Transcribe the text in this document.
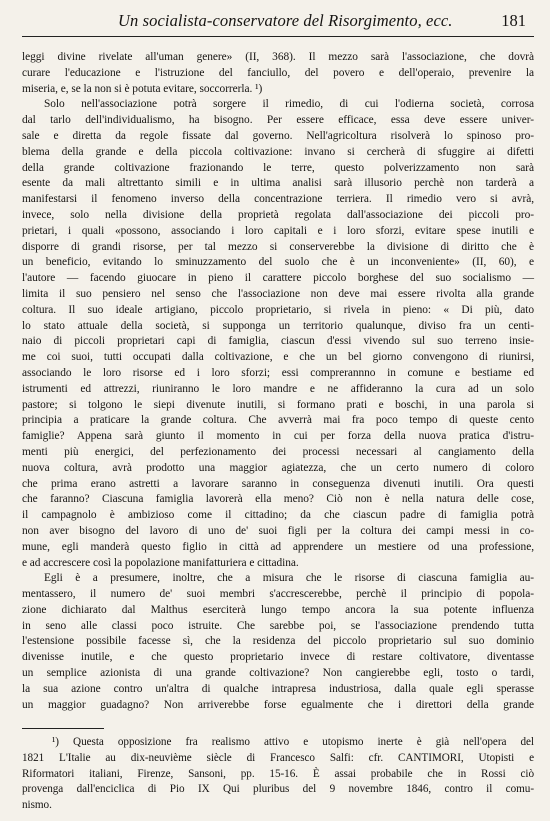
Un socialista-conservatore del Risorgimento, ecc.	181
leggi divine rivelate all'uman genere» (II, 368). Il mezzo sarà l'associazione, che dovrà
curare l'educazione e l'istruzione del fanciullo, del povero e dell'operaio, prevenire la
miseria, e, se la non si è potuta evitare, soccorrerla. ¹)
Solo nell'associazione potrà sorgere il rimedio, di cui l'odierna società, corrosa
dal tarlo dell'individualismo, ha bisogno. Per essere efficace, essa deve essere univer-
sale e diretta da regole fissate dal governo. Nell'agricoltura risolverà lo spinoso pro-
blema della grande e della piccola coltivazione: invano si cercherà di sfuggire ai difetti
della grande coltivazione frazionando le terre, questo polverizzamento non sarà
esente da mali altrettanto simili e in ultima analisi sarà illusorio perchè non tarderà a
manifestarsi il fenomeno inverso della concentrazione terriera. Il rimedio vero si avrà,
invece, solo nella divisione della proprietà regolata dall'associazione dei piccoli pro-
prietari, i quali «possono, associando i loro capitali e i loro sforzi, evitare spese inutili e
disporre di grandi risorse, per tal mezzo si conserverebbe la divisione di diritto che è
un beneficio, evitando lo sminuzzamento del suolo che è un inconveniente» (II, 60), e
l'autore — facendo giuocare in pieno il carattere piccolo borghese del suo socialismo —
limita il suo pensiero nel senso che l'associazione non deve mai essere rivolta alla grande
coltura. Il suo ideale artigiano, piccolo proprietario, si rivela in pieno: « Di più, dato
lo stato attuale della società, si supponga un territorio qualunque, diviso fra un centi-
naio di piccoli proprietari capi di famiglia, ciascun d'essi vivendo sul suo terreno insie-
me coi suoi, tutti occupati dalla coltivazione, e che un bel giorno convengono di riunirsi,
associando le loro risorse ed i loro sforzi; essi comprerannno in comune e bestiame ed
istrumenti ed attrezzi, riuniranno le loro mandre e ne affideranno la cura ad un solo
pastore; si tolgono le siepi divenute inutili, si formano prati e boschi, in una parola si
principia a praticare la grande coltura. Che avverrà mai fra poco tempo di queste cento
famiglie? Appena sarà giunto il momento in cui per forza della nuova pratica d'istru-
menti più energici, del perfezionamento dei processi necessari al cangiamento della
nuova coltura, avrà prodotto una maggior agiatezza, che un certo numero di coloro
che prima erano astretti a lavorare saranno in conseguenza divenuti inutili. Ora questi
che faranno? Ciascuna famiglia lavorerà ella meno? Ciò non è nella natura delle cose,
il campagnolo è ambizioso come il cittadino; da che ciascun padre di famiglia potrà
non aver bisogno del lavoro di uno de' suoi figli per la coltura dei campi messi in co-
mune, egli manderà questo figlio in città ad apprendere un mestiere od una professione,
e ad accrescere così la popolazione manifatturiera e cittadina.
Egli è a presumere, inoltre, che a misura che le risorse di ciascuna famiglia au-
mentassero, il numero de' suoi membri s'accrescerebbe, perchè il principio di popola-
zione dichiarato dal Malthus eserciterà lungo tempo ancora la sua potente influenza
in seno alle classi poco istruite. Che sarebbe poi, se l'associazione prendendo tutta
l'estensione possibile facesse sì, che la residenza del piccolo proprietario sul suo dominio
divenisse inutile, e che questo proprietario invece di restare coltivatore, diventasse
un semplice azionista di una grande coltivazione? Non cangierebbe egli, tosto o tardi,
la sua azione contro un'altra di qualche intrapresa industriosa, dalla quale egli sperasse
un maggior guadagno? Non arriverebbe forse egualmente che i direttori della grande
¹) Questa opposizione fra realismo attivo e utopismo inerte è già nell'opera del
1821 L'Italie au dix-neuvième siècle di Francesco Salfi: cfr. CANTIMORI, Utopisti e
Riformatori italiani, Firenze, Sansoni, pp. 15-16. È assai probabile che in Rossi ciò
provenga dall'enciclica di Pio IX Qui pluribus del 9 novembre 1846, contro il comu-
nismo.
